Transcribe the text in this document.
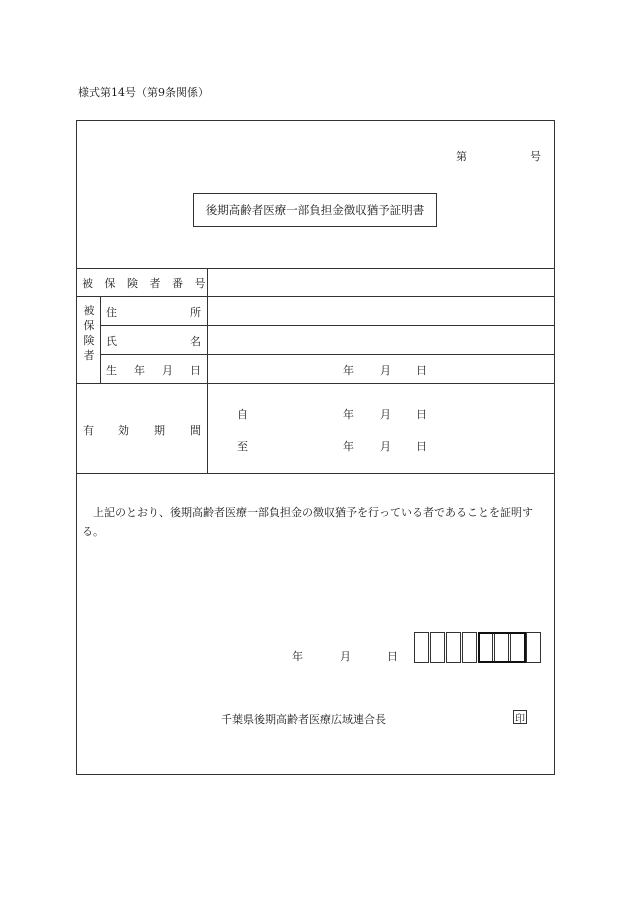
様式第14号（第9条関係）
第	号
後期高齢者医療一部負担金徴収猶予証明書
被 保 険 者 番 号
被
保
険
者
住	所
氏	名
生 年 月 日	年 月 日
有 効 期 間
自	年 月 日
至	年 月 日
上記のとおり、後期高齢者医療一部負担金の徴収猶予を行っている者であることを証明する。
年	月	日
千葉県後期高齢者医療広域連合長	印
